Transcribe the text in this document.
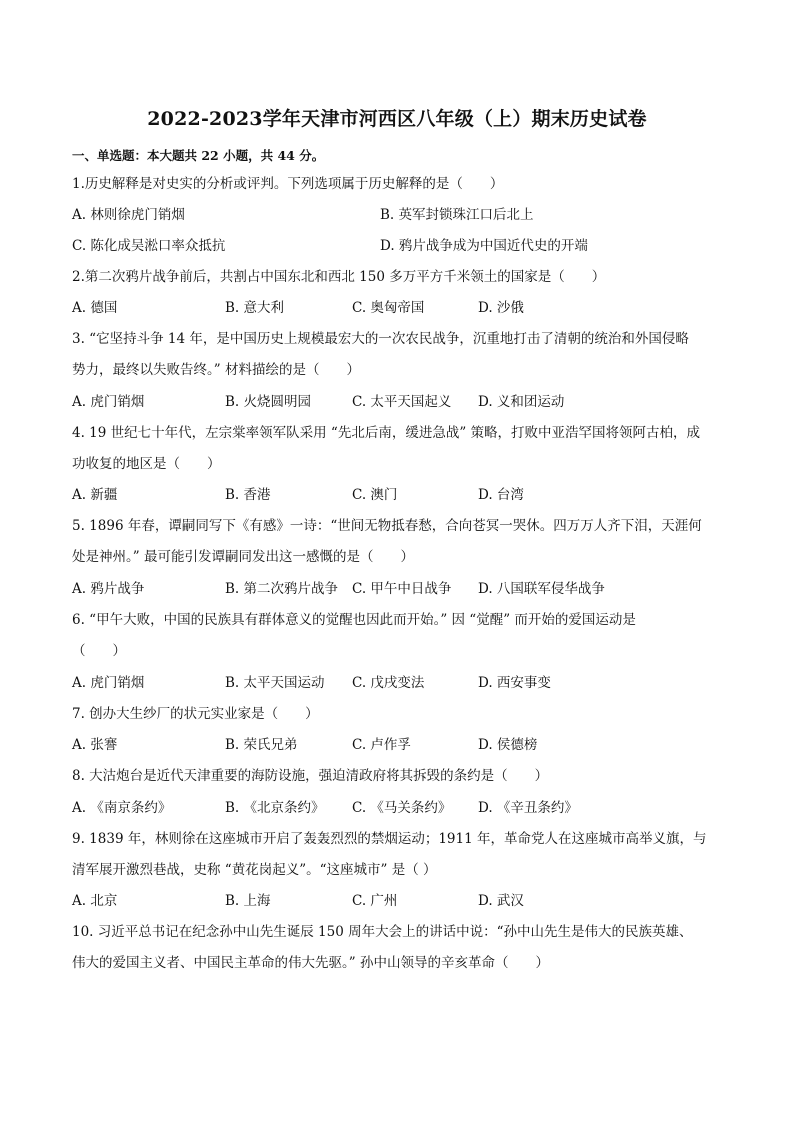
2022-2023学年天津市河西区八年级（上）期末历史试卷
一、单选题：本大题共 22 小题，共 44 分。
1.历史解释是对史实的分析或评判。下列选项属于历史解释的是（　　）
A. 林则徐虎门销烟	B. 英军封锁珠江口后北上
C. 陈化成吴淞口率众抵抗	D. 鸦片战争成为中国近代史的开端
2.第二次鸦片战争前后，共割占中国东北和西北 150 多万平方千米领土的国家是（　　）
A. 德国	B. 意大利	C. 奥匈帝国	D. 沙俄
3. “它坚持斗争 14 年，是中国历史上规模最宏大的一次农民战争，沉重地打击了清朝的统治和外国侵略
势力，最终以失败告终。” 材料描绘的是（　　）
A. 虎门销烟	B. 火烧圆明园	C. 太平天国起义 D. 义和团运动
4. 19 世纪七十年代，左宗棠率领军队采用 “先北后南，缓进急战” 策略，打败中亚浩罕国将领阿古柏，成
功收复的地区是（　　）
A. 新疆	B. 香港	C. 澳门	D. 台湾
5. 1896 年春，谭嗣同写下《有感》一诗：“世间无物抵春愁，合向苍冥一哭休。四万万人齐下泪，天涯何
处是神州。” 最可能引发谭嗣同发出这一感慨的是（　　）
A. 鸦片战争	B. 第二次鸦片战争 C. 甲午中日战争 D. 八国联军侵华战争
6. “甲午大败，中国的民族具有群体意义的觉醒也因此而开始。” 因 “觉醒” 而开始的爱国运动是
（　　）
A. 虎门销烟	B. 太平天国运动 C. 戊戌变法	D. 西安事变
7. 创办大生纱厂的状元实业家是（　　）
A. 张謇	B. 荣氏兄弟	C. 卢作孚	D. 侯德榜
8. 大沽炮台是近代天津重要的海防设施，强迫清政府将其拆毁的条约是（　　）
A. 《南京条约》	B. 《北京条约》 C. 《马关条约》 D. 《辛丑条约》
9. 1839 年，林则徐在这座城市开启了轰轰烈烈的禁烟运动；1911 年，革命党人在这座城市高举义旗，与
清军展开激烈巷战，史称 “黄花岗起义”。“这座城市” 是（ ）
A. 北京	B. 上海	C. 广州	D. 武汉
10. 习近平总书记在纪念孙中山先生诞辰 150 周年大会上的讲话中说：“孙中山先生是伟大的民族英雄、
伟大的爱国主义者、中国民主革命的伟大先驱。” 孙中山领导的辛亥革命（　　）
